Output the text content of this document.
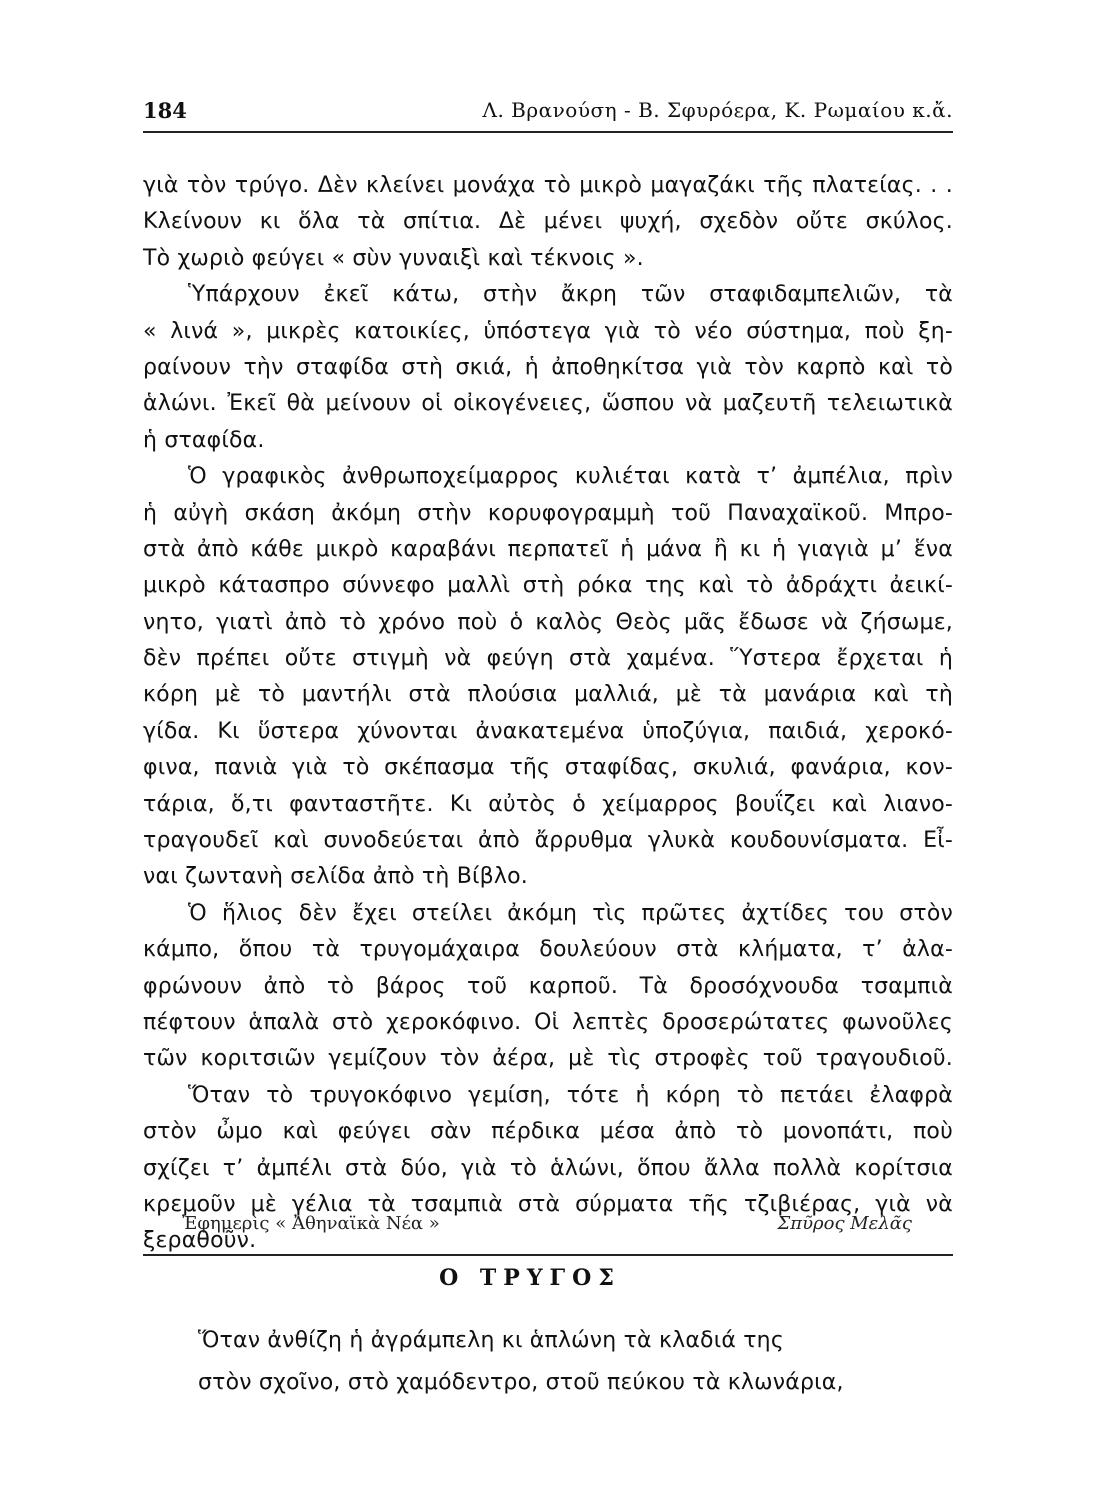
184	Λ. Βρανούση - Β. Σφυρόερα, Κ. Ρωμαίου κ.ἄ.
γιὰ τὸν τρύγο. Δὲν κλείνει μονάχα τὸ μικρὸ μαγαζάκι τῆς πλατείας. . .
Κλείνουν κι ὅλα τὰ σπίτια. Δὲ μένει ψυχή, σχεδὸν οὔτε σκύλος.
Τὸ χωριὸ φεύγει « σὺν γυναιξὶ καὶ τέκνοις ».
Ὑπάρχουν ἐκεῖ κάτω, στὴν ἄκρη τῶν σταφιδαμπελιῶν, τὰ
« λινά », μικρὲς κατοικίες, ὑπόστεγα γιὰ τὸ νέο σύστημα, ποὺ ξη-
ραίνουν τὴν σταφίδα στὴ σκιά, ἡ ἀποθηκίτσα γιὰ τὸν καρπὸ καὶ τὸ
ἁλώνι. Ἐκεῖ θὰ μείνουν οἱ οἰκογένειες, ὥσπου νὰ μαζευτῆ τελειωτικὰ
ἡ σταφίδα.
Ὁ γραφικὸς ἀνθρωποχείμαρρος κυλιέται κατὰ τ’ ἀμπέλια, πρὶν
ἡ αὐγὴ σκάση ἀκόμη στὴν κορυφογραμμὴ τοῦ Παναχαϊκοῦ. Μπρο-
στὰ ἀπὸ κάθε μικρὸ καραβάνι περπατεῖ ἡ μάνα ἢ κι ἡ γιαγιὰ μ’ ἕνα
μικρὸ κάτασπρο σύννεφο μαλλὶ στὴ ρόκα της καὶ τὸ ἀδράχτι ἀεικί-
νητο, γιατὶ ἀπὸ τὸ χρόνο ποὺ ὁ καλὸς Θεὸς μᾶς ἔδωσε νὰ ζήσωμε,
δὲν πρέπει οὔτε στιγμὴ νὰ φεύγη στὰ χαμένα. Ὕστερα ἔρχεται ἡ
κόρη μὲ τὸ μαντήλι στὰ πλούσια μαλλιά, μὲ τὰ μανάρια καὶ τὴ
γίδα. Κι ὕστερα χύνονται ἀνακατεμένα ὑποζύγια, παιδιά, χεροκό-
φινα, πανιὰ γιὰ τὸ σκέπασμα τῆς σταφίδας, σκυλιά, φανάρια, κον-
τάρια, ὅ,τι φανταστῆτε. Κι αὐτὸς ὁ χείμαρρος βουΐζει καὶ λιανο-
τραγουδεῖ καὶ συνοδεύεται ἀπὸ ἄρρυθμα γλυκὰ κουδουνίσματα. Εἶ-
ναι ζωντανὴ σελίδα ἀπὸ τὴ Βίβλο.
Ὁ ἥλιος δὲν ἔχει στείλει ἀκόμη τὶς πρῶτες ἀχτίδες του στὸν
κάμπο, ὅπου τὰ τρυγομάχαιρα δουλεύουν στὰ κλήματα, τ’ ἀλα-
φρώνουν ἀπὸ τὸ βάρος τοῦ καρποῦ. Τὰ δροσόχνουδα τσαμπιὰ
πέφτουν ἁπαλὰ στὸ χεροκόφινο. Οἱ λεπτὲς δροσερώτατες φωνοῦλες
τῶν κοριτσιῶν γεμίζουν τὸν ἀέρα, μὲ τὶς στροφὲς τοῦ τραγουδιοῦ.
Ὅταν τὸ τρυγοκόφινο γεμίση, τότε ἡ κόρη τὸ πετάει ἐλαφρὰ
στὸν ὦμο καὶ φεύγει σὰν πέρδικα μέσα ἀπὸ τὸ μονοπάτι, ποὺ
σχίζει τ’ ἀμπέλι στὰ δύο, γιὰ τὸ ἁλώνι, ὅπου ἄλλα πολλὰ κορίτσια
κρεμοῦν μὲ γέλια τὰ τσαμπιὰ στὰ σύρματα τῆς τζιβιέρας, γιὰ νὰ
ξεραθοῦν.
Ἐφημερὶς « Ἀθηναϊκὰ Νέα »	Σπῦρος Μελᾶς
Ο ΤΡΥΓΟΣ
Ὅταν ἀνθίζη ἡ ἀγράμπελη κι ἁπλώνη τὰ κλαδιά της
στὸν σχοῖνο, στὸ χαμόδεντρο, στοῦ πεύκου τὰ κλωνάρια,
